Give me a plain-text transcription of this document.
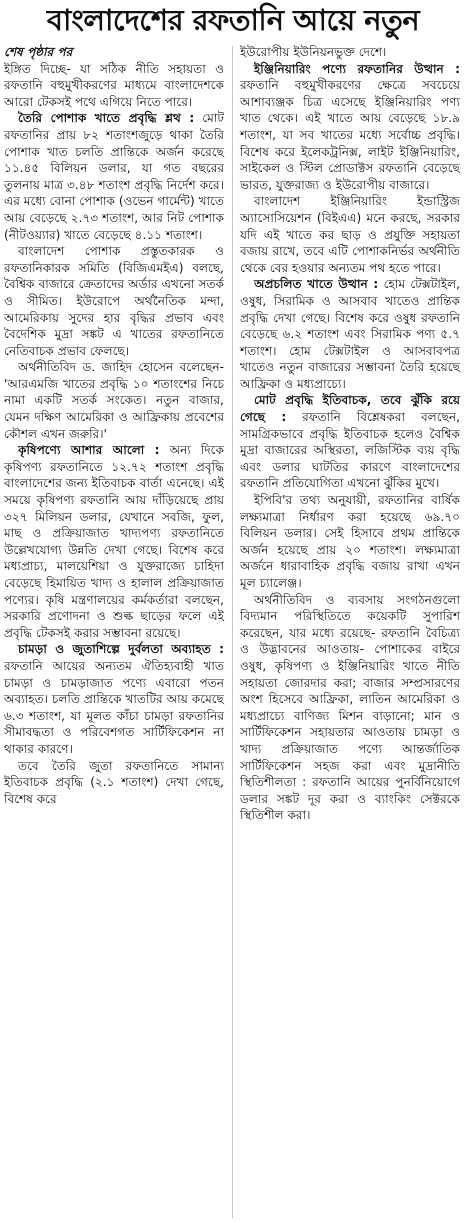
বাংলাদেশের রফতানি আয়ে নতুন
শেষ পৃষ্ঠার পর

ইঙ্গিত দিচ্ছে- যা সঠিক নীতি সহায়তা ও রফতানি বহুমুখীকরণের মাধ্যমে বাংলাদেশকে আরো টেকসই পথে এগিয়ে নিতে পারে।

তৈরি পোশাক খাতে প্রবৃদ্ধি শ্লথ : মোট রফতানির প্রায় ৮২ শতাংশজুড়ে থাকা তৈরি পোশাক খাত চলতি প্রান্তিকে অর্জন করেছে ১১.৪৫ বিলিয়ন ডলার, যা গত বছরের তুলনায় মাত্র ৩.৪৮ শতাংশ প্রবৃদ্ধি নির্দেশ করে। এর মধ্যে বোনা পোশাক (ওভেন গার্মেন্ট) খাতে আয় বেড়েছে ২.৭৩ শতাংশ, আর নিট পোশাক (নীটওয়্যার) খাতে বেড়েছে ৪.১১ শতাংশ।

বাংলাদেশ পোশাক প্রস্তুতকারক ও রফতানিকারক সমিতি (বিজিএমইএ) বলছে, বৈশ্বিক বাজারে ক্রেতাদের অর্ডার এখনো সতর্ক ও সীমিত। ইউরোপে অর্থনৈতিক মন্দা, আমেরিকায় সুদের হার বৃদ্ধির প্রভাব এবং বৈদেশিক মুদ্রা সঙ্কট এ খাতের রফতানিতে নেতিবাচক প্রভাব ফেলছে।

অর্থনীতিবিদ ড. জাহিদ হোসেন বলেছেন-'আরএমজি খাতের প্রবৃদ্ধি ১০ শতাংশের নিচে নামা একটি সতর্ক সংকেত। নতুন বাজার, যেমন দক্ষিণ আমেরিকা ও আফ্রিকায় প্রবেশের কৌশল এখন জরুরি।'

কৃষিপণ্যে আশার আলো : অন্য দিকে কৃষিপণ্য রফতানিতে ১২.৭২ শতাংশ প্রবৃদ্ধি বাংলাদেশের জন্য ইতিবাচক বার্তা এনেছে। এই সময়ে কৃষিপণ্য রফতানি আয় দাঁড়িয়েছে প্রায় ৩২৭ মিলিয়ন ডলার, যেখানে সবজি, ফুল, মাছ ও প্রক্রিয়াজাত খাদ্যপণ্য রফতানিতে উল্লেখযোগ্য উন্নতি দেখা গেছে। বিশেষ করে মধ্যপ্রাচ্য, মালয়েশিয়া ও যুক্তরাজ্যে চাহিদা বেড়েছে হিমায়িত খাদ্য ও হালাল প্রক্রিয়াজাত পণ্যের। কৃষি মন্ত্রণালয়ের কর্মকর্তারা বলছেন, সরকারি প্রণোদনা ও শুল্ক ছাড়ের ফলে এই প্রবৃদ্ধি টেকসই করার সম্ভাবনা রয়েছে।

চামড়া ও জুতাশিল্পে দুর্বলতা অব্যাহত : রফতানি আয়ের অন্যতম ঐতিহ্যবাহী খাত চামড়া ও চামড়াজাত পণ্যে এবারো পতন অব্যাহত। চলতি প্রান্তিকে খাতটির আয় কমেছে ৬.৩ শতাংশ, যা মূলত কাঁচা চামড়া রফতানির সীমাবদ্ধতা ও পরিবেশগত সার্টিফিকেশন না থাকার কারণে।

তবে তৈরি জুতা রফতানিতে সামান্য ইতিবাচক প্রবৃদ্ধি (২.১ শতাংশ) দেখা গেছে, বিশেষ করে

ইউরোপীয় ইউনিয়নভুক্ত দেশে।

ইঞ্জিনিয়ারিং পণ্যে রফতানির উত্থান : রফতানি বহুমুখীকরণের ক্ষেত্রে সবচেয়ে আশাব্যঞ্জক চিত্র এসেছে ইঞ্জিনিয়ারিং পণ্য খাত থেকে। এই খাতে আয় বেড়েছে ১৮.৯ শতাংশ, যা সব খাতের মধ্যে সর্বোচ্চ প্রবৃদ্ধি। বিশেষ করে ইলেকট্রনিক্স, লাইট ইঞ্জিনিয়ারিং, সাইকেল ও স্টিল প্রোডাক্টস রফতানি বেড়েছে ভারত, যুক্তরাজ্য ও ইউরোপীয় বাজারে।

বাংলাদেশ ইঞ্জিনিয়ারিং ইন্ডাস্ট্রিজ অ্যাসোসিয়েশন (বিইএএ) মনে করছে, সরকার যদি এই খাতে কর ছাড় ও প্রযুক্তি সহায়তা বজায় রাখে, তবে এটি পোশাকনির্ভর অর্থনীতি থেকে বের হওয়ার অন্যতম পথ হতে পারে।

অপ্রচলিত খাতে উত্থান : হোম টেক্সটাইল, ওষুধ, সিরামিক ও আসবাব খাতেও প্রান্তিক প্রবৃদ্ধি দেখা গেছে। বিশেষ করে ওষুধ রফতানি বেড়েছে ৬.২ শতাংশ এবং সিরামিক পণ্য ৫.৭ শতাংশ। হোম টেক্সটাইল ও আসবাবপত্র খাতেও নতুন বাজারের সম্ভাবনা তৈরি হয়েছে আফ্রিকা ও মধ্যপ্রাচ্যে।

মোট প্রবৃদ্ধি ইতিবাচক, তবে ঝুঁকি রয়ে গেছে : রফতানি বিশ্লেষকরা বলছেন, সামগ্রিকভাবে প্রবৃদ্ধি ইতিবাচক হলেও বৈশ্বিক মুদ্রা বাজারের অস্থিরতা, লজিস্টিক ব্যয় বৃদ্ধি এবং ডলার ঘাটতির কারণে বাংলাদেশের রফতানি প্রতিযোগিতা এখনো ঝুঁকির মুখে।

ইপিবি'র তথ্য অনুযায়ী, রফতানির বার্ষিক লক্ষ্যমাত্রা নির্ধারণ করা হয়েছে ৬৯.৭০ বিলিয়ন ডলার। সেই হিসাবে প্রথম প্রান্তিকে অর্জন হয়েছে প্রায় ২০ শতাংশ। লক্ষ্যমাত্রা অর্জনে ধারাবাহিক প্রবৃদ্ধি বজায় রাখা এখন মূল চ্যালেঞ্জ।

অর্থনীতিবিদ ও ব্যবসায় সংগঠনগুলো বিদ্যমান পরিস্থিতিতে কয়েকটি সুপারিশ করেছেন, যার মধ্যে রয়েছে- রফতানি বৈচিত্র্য ও উদ্ভাবনের আওতায়- পোশাকের বাইরে ওষুধ, কৃষিপণ্য ও ইঞ্জিনিয়ারিং খাতে নীতি সহায়তা জোরদার করা; বাজার সম্প্রসারণের অংশ হিসেবে আফ্রিকা, লাতিন আমেরিকা ও মধ্যপ্রাচ্যে বাণিজ্য মিশন বাড়ানো; মান ও সার্টিফিকেশন সহায়তার আওতায় চামড়া ও খাদ্য প্রক্রিয়াজাত পণ্যে আন্তর্জাতিক সার্টিফিকেশন সহজ করা এবং মুদ্রানীতি স্থিতিশীলতা : রফতানি আয়ের পুনর্বিনিয়োগে ডলার সঙ্কট দূর করা ও ব্যাংকিং সেক্টরকে স্থিতিশীল করা।
